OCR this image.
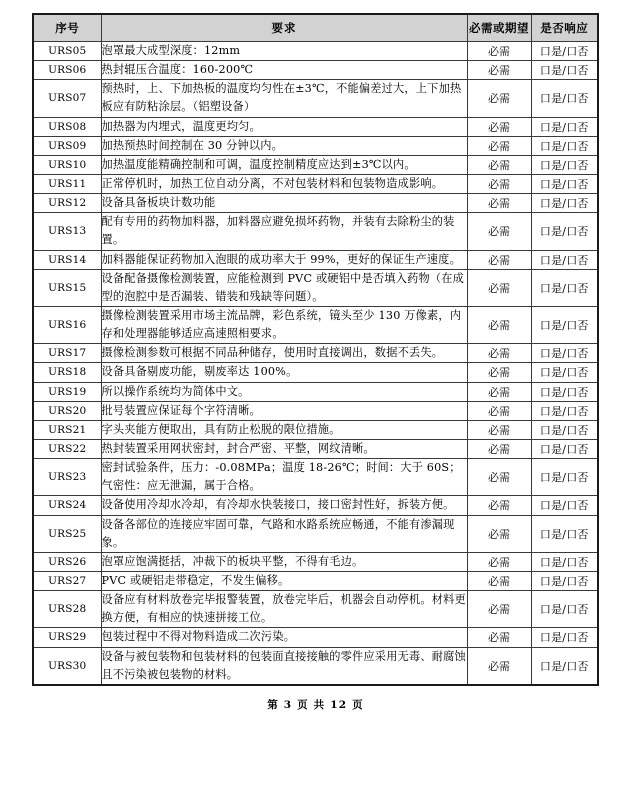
序号	要求	必需或期望	是否响应
URS05	泡罩最大成型深度：12mm	必需	口是/口否
URS06	热封辊压合温度：160-200℃	必需	口是/口否
URS07	预热时，上、下加热板的温度均匀性在±3℃，不能偏差过大，上下加热板应有防粘涂层。（铝塑设备）	必需	口是/口否
URS08	加热器为内埋式，温度更均匀。	必需	口是/口否
URS09	加热预热时间控制在 30 分钟以内。	必需	口是/口否
URS10	加热温度能精确控制和可调，温度控制精度应达到±3℃以内。	必需	口是/口否
URS11	正常停机时，加热工位自动分离，不对包装材料和包装物造成影响。	必需	口是/口否
URS12	设备具备板块计数功能	必需	口是/口否
URS13	配有专用的药物加料器，加料器应避免损坏药物，并装有去除粉尘的装置。	必需	口是/口否
URS14	加料器能保证药物加入泡眼的成功率大于 99%，更好的保证生产速度。	必需	口是/口否
URS15	设备配备摄像检测装置，应能检测到 PVC 或硬铝中是否填入药物（在成型的泡腔中是否漏装、错装和残缺等问题）。	必需	口是/口否
URS16	摄像检测装置采用市场主流品牌，彩色系统，镜头至少 130 万像素，内存和处理器能够适应高速照相要求。	必需	口是/口否
URS17	摄像检测参数可根据不同品种储存，使用时直接调出，数据不丢失。	必需	口是/口否
URS18	设备具备剔废功能，剔废率达 100%。	必需	口是/口否
URS19	所以操作系统均为简体中文。	必需	口是/口否
URS20	批号装置应保证每个字符清晰。	必需	口是/口否
URS21	字头夹能方便取出，具有防止松脱的限位措施。	必需	口是/口否
URS22	热封装置采用网状密封，封合严密、平整，网纹清晰。	必需	口是/口否
URS23	密封试验条件，压力：-0.08MPa；温度 18-26℃；时间：大于 60S；气密性：应无泄漏，属于合格。	必需	口是/口否
URS24	设备使用冷却水冷却，有冷却水快装接口，接口密封性好，拆装方便。	必需	口是/口否
URS25	设备各部位的连接应牢固可靠，气路和水路系统应畅通，不能有渗漏现象。	必需	口是/口否
URS26	泡罩应饱满挺括，冲裁下的板块平整，不得有毛边。	必需	口是/口否
URS27	PVC 或硬铝走带稳定，不发生偏移。	必需	口是/口否
URS28	设备应有材料放卷完毕报警装置，放卷完毕后，机器会自动停机。材料更换方便，有相应的快速拼接工位。	必需	口是/口否
URS29	包装过程中不得对物料造成二次污染。	必需	口是/口否
URS30	设备与被包装物和包装材料的包装面直接接触的零件应采用无毒、耐腐蚀且不污染被包装物的材料。	必需	口是/口否
第 3 页 共 12 页
